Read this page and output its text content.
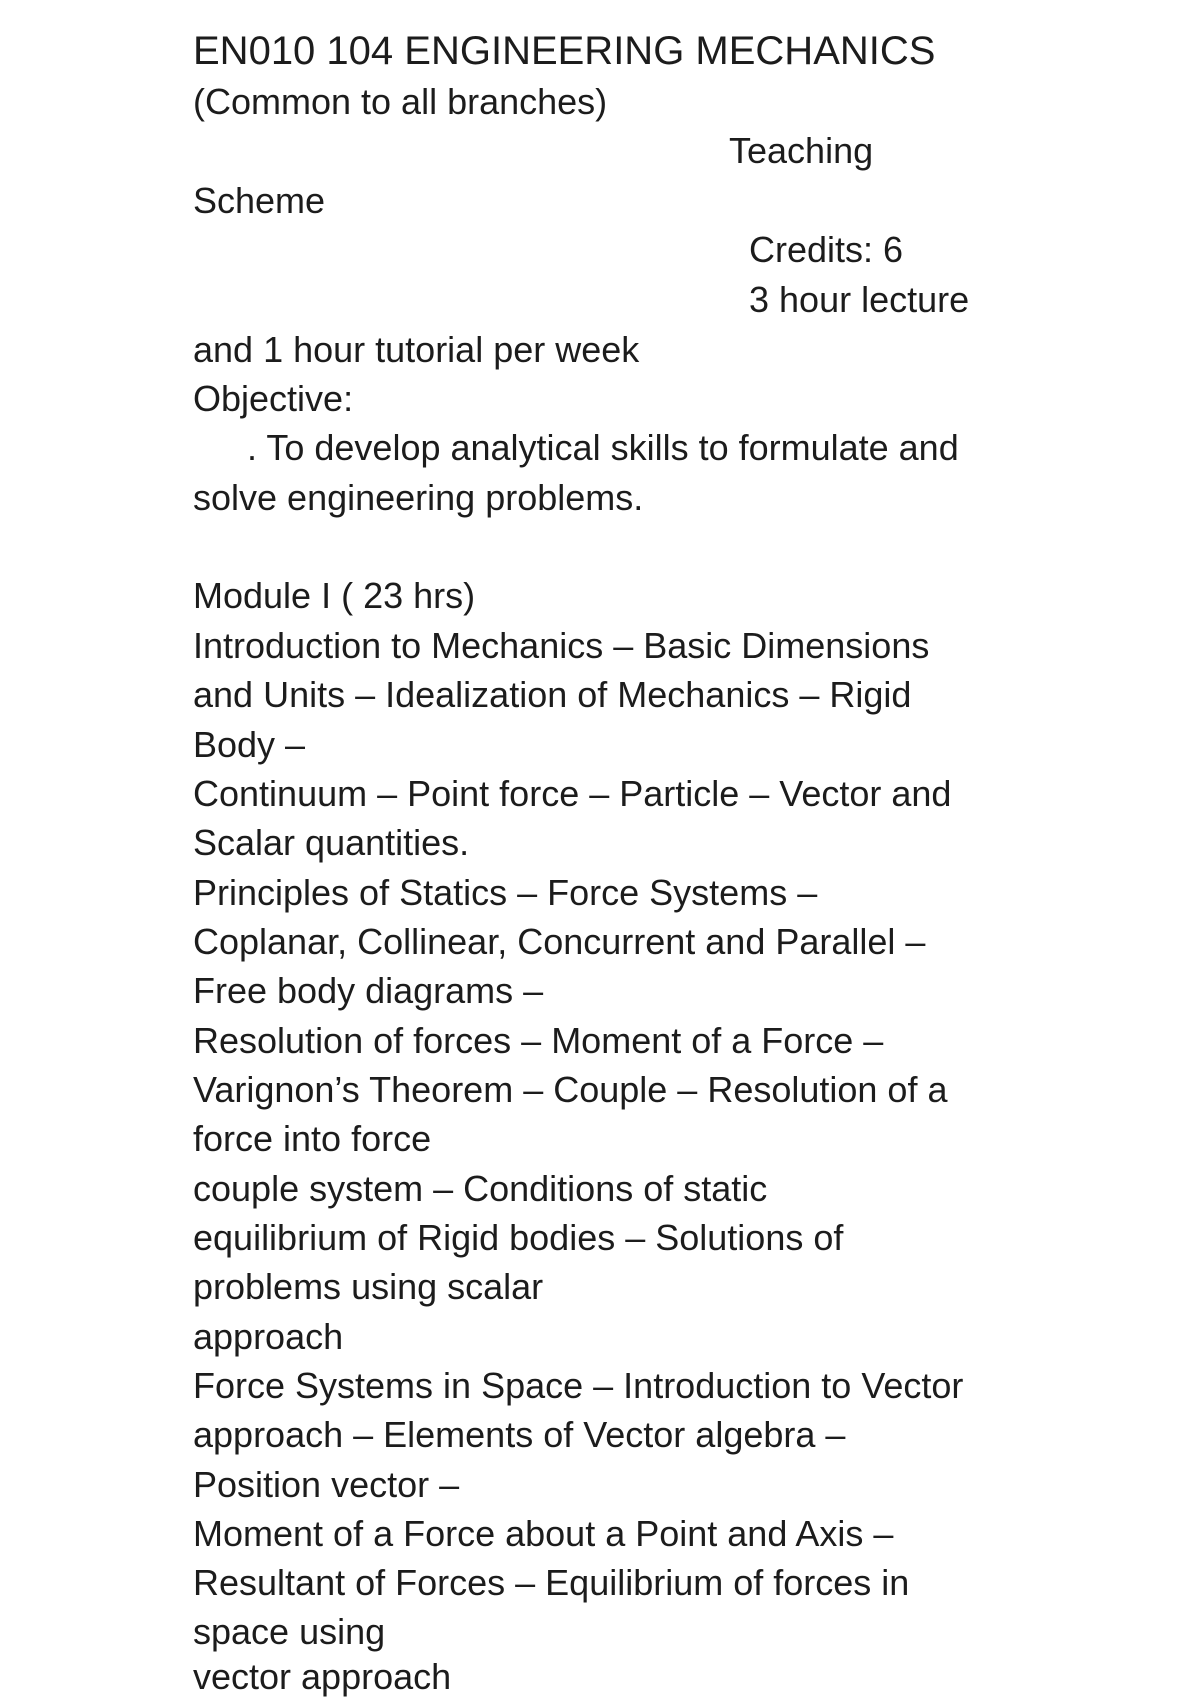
EN010 104 ENGINEERING MECHANICS
(Common to all branches)
Teaching
Scheme
Credits: 6
3 hour lecture
and 1 hour tutorial per week
Objective:
. To develop analytical skills to formulate and
solve engineering problems.
Module I ( 23 hrs)
Introduction to Mechanics – Basic Dimensions
and Units – Idealization of Mechanics – Rigid
Body –
Continuum – Point force – Particle – Vector and
Scalar quantities.
Principles of Statics – Force Systems –
Coplanar, Collinear, Concurrent and Parallel –
Free body diagrams –
Resolution of forces – Moment of a Force –
Varignon’s Theorem – Couple – Resolution of a
force into force
couple system – Conditions of static
equilibrium of Rigid bodies – Solutions of
problems using scalar
approach
Force Systems in Space – Introduction to Vector
approach – Elements of Vector algebra –
Position vector –
Moment of a Force about a Point and Axis –
Resultant of Forces – Equilibrium of forces in
space using
vector approach
